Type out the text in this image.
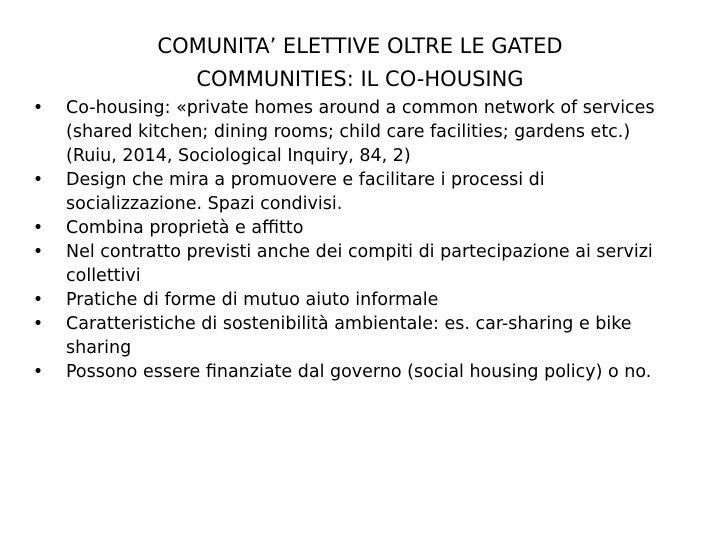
COMUNITA’ ELETTIVE OLTRE LE GATED
COMMUNITIES: IL CO-HOUSING
• Co-housing: «private homes around a common network of services (shared kitchen; dining rooms; child care facilities; gardens etc.) (Ruiu, 2014, Sociological Inquiry, 84, 2)
• Design che mira a promuovere e facilitare i processi di socializzazione. Spazi condivisi.
• Combina proprietà e affitto
• Nel contratto previsti anche dei compiti di partecipazione ai servizi collettivi
• Pratiche di forme di mutuo aiuto informale
• Caratteristiche di sostenibilità ambientale: es. car-sharing e bike sharing
• Possono essere finanziate dal governo (social housing policy) o no.
